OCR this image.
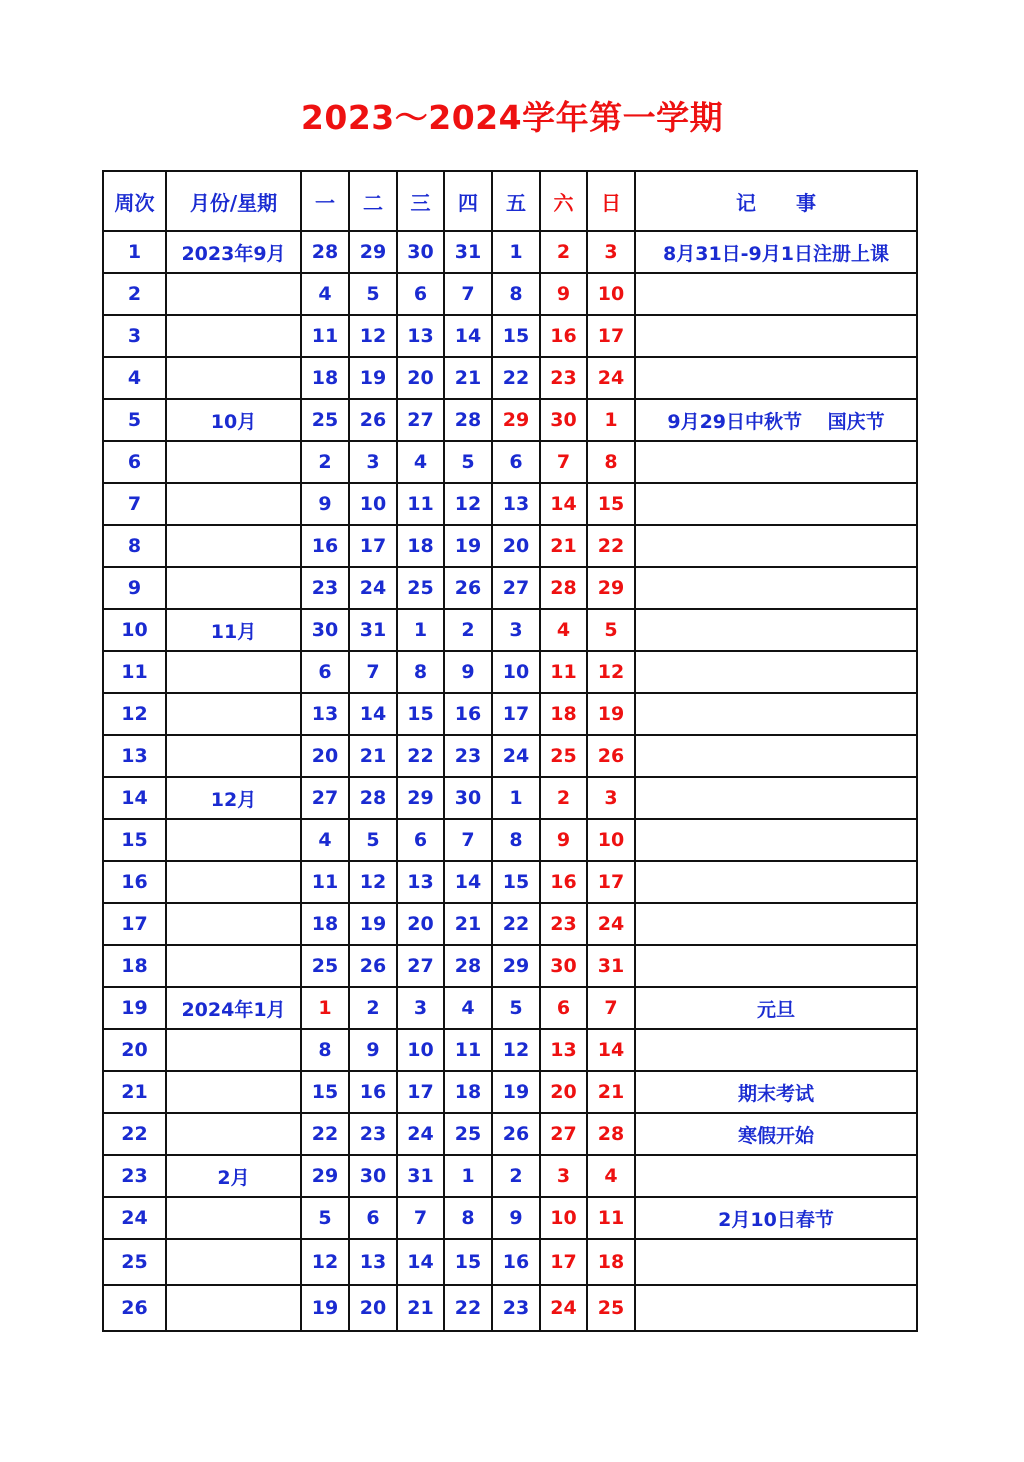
2023～2024学年第一学期
周次	月份/星期	一	二	三	四	五	六	日	记　　事
1	2023年9月	28	29	30	31	1	2	3	8月31日-9月1日注册上课
2		4	5	6	7	8	9	10	
3		11	12	13	14	15	16	17	
4		18	19	20	21	22	23	24	
5	10月	25	26	27	28	29	30	1	9月29日中秋节　 国庆节
6		2	3	4	5	6	7	8	
7		9	10	11	12	13	14	15	
8		16	17	18	19	20	21	22	
9		23	24	25	26	27	28	29	
10	11月	30	31	1	2	3	4	5	
11		6	7	8	9	10	11	12	
12		13	14	15	16	17	18	19	
13		20	21	22	23	24	25	26	
14	12月	27	28	29	30	1	2	3	
15		4	5	6	7	8	9	10	
16		11	12	13	14	15	16	17	
17		18	19	20	21	22	23	24	
18		25	26	27	28	29	30	31	
19	2024年1月	1	2	3	4	5	6	7	元旦
20		8	9	10	11	12	13	14	
21		15	16	17	18	19	20	21	期末考试
22		22	23	24	25	26	27	28	寒假开始
23	2月	29	30	31	1	2	3	4	
24		5	6	7	8	9	10	11	2月10日春节
25		12	13	14	15	16	17	18	
26		19	20	21	22	23	24	25	
